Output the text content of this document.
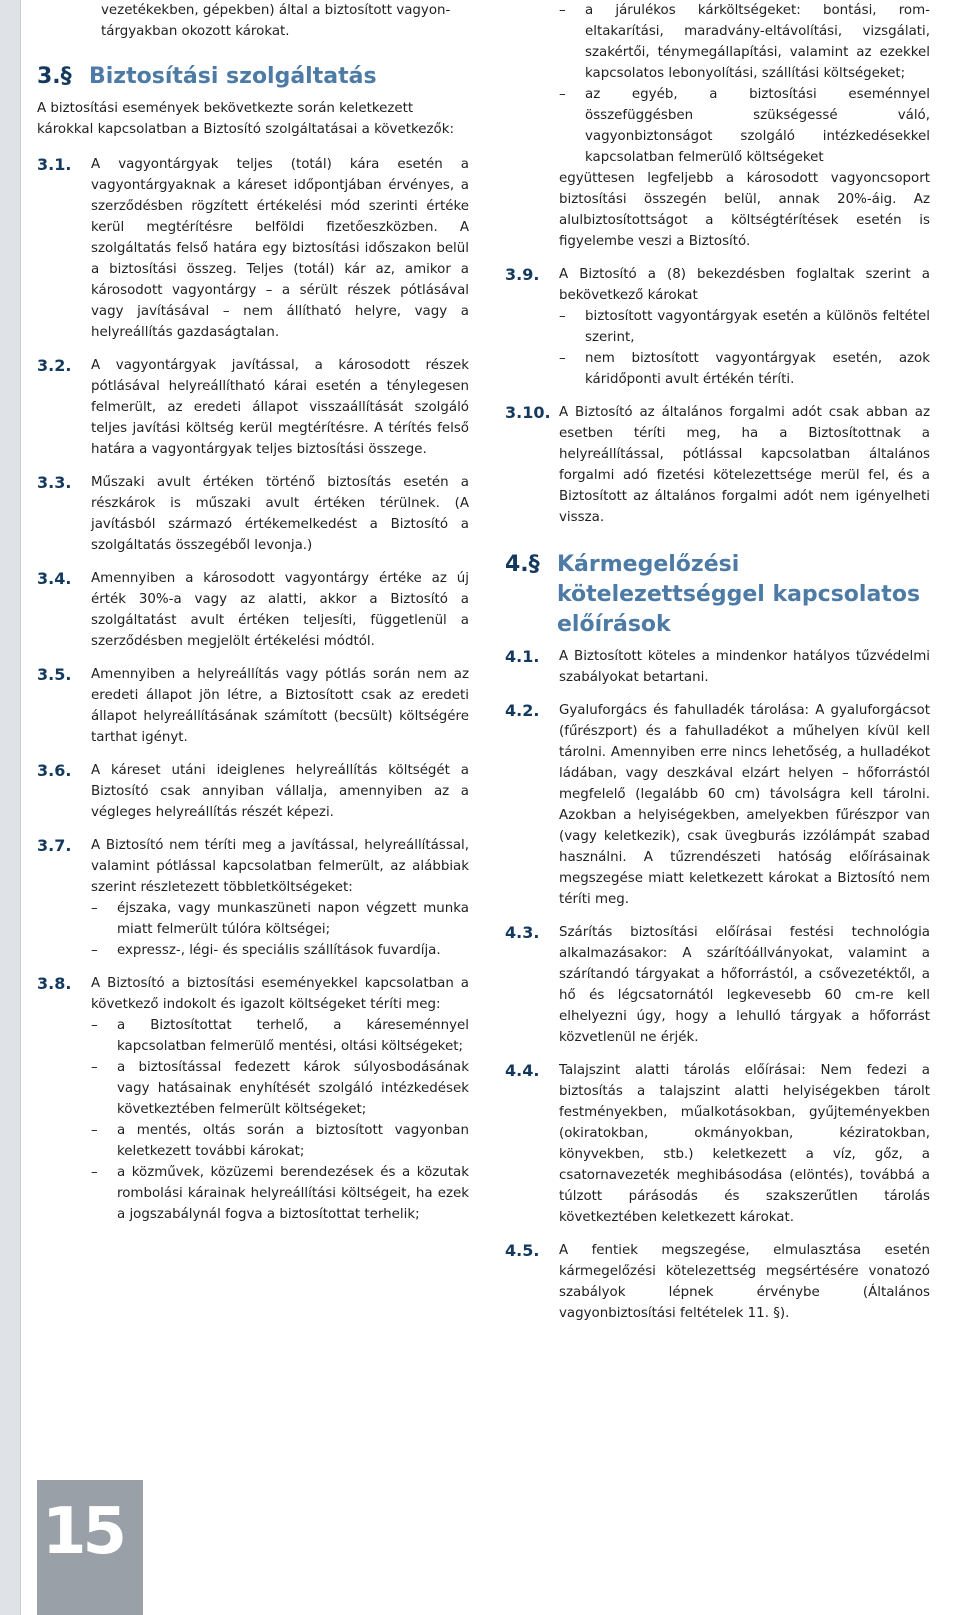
vezetékekben, gépekben) által a biztosított vagyon-
tárgyakban okozott károkat.
3.§ Biztosítási szolgáltatás

A biztosítási események bekövetkezte során keletkezett károkkal kapcsolatban a Biztosító szolgáltatásai a következők:

3.1.	A vagyontárgyak teljes (totál) kára esetén a vagyontárgyaknak a káreset időpontjában érvényes, a szerződésben rögzített értékelési mód szerinti értéke kerül megtérítésre belföldi fizetőeszközben. A szolgáltatás felső határa egy biztosítási időszakon belül a biztosítási összeg. Teljes (totál) kár az, amikor a károsodott vagyontárgy – a sérült részek pótlásával vagy javításával – nem állítható helyre, vagy a helyreállítás gazdaságtalan.

3.2.	A vagyontárgyak javítással, a károsodott részek pótlásával helyreállítható kárai esetén a ténylegesen felmerült, az eredeti állapot visszaállítását szolgáló teljes javítási költség kerül megtérítésre. A térítés felső határa a vagyontárgyak teljes biztosítási összege.

3.3.	Műszaki avult értéken történő biztosítás esetén a részkárok is műszaki avult értéken térülnek. (A javításból származó értékemelkedést a Biztosító a szolgáltatás összegéből levonja.)

3.4.	Amennyiben a károsodott vagyontárgy értéke az új érték 30%-a vagy az alatti, akkor a Biztosító a szolgáltatást avult értéken teljesíti, függetlenül a szerződésben megjelölt értékelési módtól.

3.5.	Amennyiben a helyreállítás vagy pótlás során nem az eredeti állapot jön létre, a Biztosított csak az eredeti állapot helyreállításának számított (becsült) költségére tarthat igényt.

3.6.	A káreset utáni ideiglenes helyreállítás költségét a Biztosító csak annyiban vállalja, amennyiben az a végleges helyreállítás részét képezi.

3.7.	A Biztosító nem téríti meg a javítással, helyreállítással, valamint pótlással kapcsolatban felmerült, az alábbiak szerint részletezett többletköltségeket:

–	éjszaka, vagy munkaszüneti napon végzett munka miatt felmerült túlóra költségei;
–	expressz-, légi- és speciális szállítások fuvardíja.
3.8.	A Biztosító a biztosítási eseményekkel kapcsolatban a következő indokolt és igazolt költségeket téríti meg:

–	a Biztosítottat terhelő, a káreseménnyel kapcsolatban felmerülő mentési, oltási költségeket;
–	a biztosítással fedezett károk súlyosbodásának vagy hatásainak enyhítését szolgáló intézkedések következtében felmerült költségeket;
–	a mentés, oltás során a biztosított vagyonban keletkezett további károkat;
–	a közművek, közüzemi berendezések és a közutak rombolási kárainak helyreállítási költségeit, ha ezek a jogszabálynál fogva a biztosítottat terhelik;
–	a járulékos kárköltségeket: bontási, rom-eltakarítási, maradvány-eltávolítási, vizsgálati, szakértői, ténymegállapítási, valamint az ezekkel kapcsolatos lebonyolítási, szállítási költségeket;
–	az egyéb, a biztosítási eseménnyel összefüggésben szükségessé váló, vagyonbiztonságot szolgáló intézkedésekkel kapcsolatban felmerülő költségeket

együttesen legfeljebb a károsodott vagyoncsoport biztosítási összegén belül, annak 20%-áig. Az alulbiztosítottságot a költségtérítések esetén is figyelembe veszi a Biztosító.

3.9.	A Biztosító a (8) bekezdésben foglaltak szerint a bekövetkező károkat

–	biztosított vagyontárgyak esetén a különös feltétel szerint,
–	nem biztosított vagyontárgyak esetén, azok káridőponti avult értékén téríti.
3.10. A Biztosító az általános forgalmi adót csak abban az esetben téríti meg, ha a Biztosítottnak a helyreállítással, pótlással kapcsolatban általános forgalmi adó fizetési kötelezettsége merül fel, és a Biztosított az általános forgalmi adót nem igényelheti vissza.

4.§ Kármegelőzési kötelezettséggel kapcsolatos előírások
4.1.	A Biztosított köteles a mindenkor hatályos tűzvédelmi szabályokat betartani.

4.2.	Gyaluforgács és fahulladék tárolása: A gyaluforgácsot (fűrészport) és a fahulladékot a műhelyen kívül kell tárolni. Amennyiben erre nincs lehetőség, a hulladékot ládában, vagy deszkával elzárt helyen – hőforrástól megfelelő (legalább 60 cm) távolságra kell tárolni. Azokban a helyiségekben, amelyekben fűrészpor van (vagy keletkezik), csak üvegburás izzólámpát szabad használni. A tűzrendészeti hatóság előírásainak megszegése miatt keletkezett károkat a Biztosító nem téríti meg.

4.3.	Szárítás biztosítási előírásai festési technológia alkalmazásakor: A szárítóállványokat, valamint a szárítandó tárgyakat a hőforrástól, a csővezetéktől, a hő és légcsatornától legkevesebb 60 cm-re kell elhelyezni úgy, hogy a lehulló tárgyak a hőforrást közvetlenül ne érjék.

4.4.	Talajszint alatti tárolás előírásai: Nem fedezi a biztosítás a talajszint alatti helyiségekben tárolt festményekben, műalkotásokban, gyűjteményekben (okiratokban, okmányokban, kéziratokban, könyvekben, stb.) keletkezett a víz, gőz, a csatornavezeték meghibásodása (elöntés), továbbá a túlzott párásodás és szakszerűtlen tárolás következtében keletkezett károkat.

4.5.	A fentiek megszegése, elmulasztása esetén kármegelőzési kötelezettség megsértésére vonatozó szabályok lépnek érvénybe (Általános vagyonbiztosítási feltételek 11. §).

15
